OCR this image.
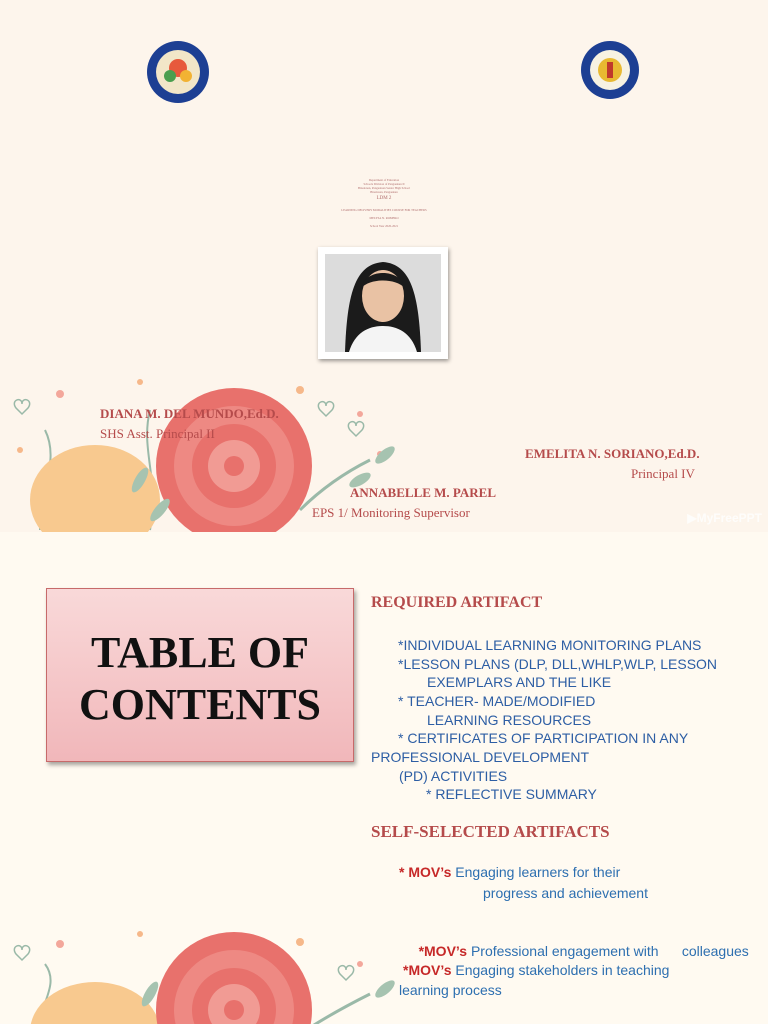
Department of Education
Schools Division of Pangasinan II
Binalonan, Pangasinan Senior High School
Binalonan, Pangasinan
LDM 2
LEARNING DELIVERY MODALITIES COURSE FOR TEACHERS
MELYSA N. ROMERO
School Year 2020-2021
DIANA M. DEL MUNDO,Ed.D.
SHS Asst. Principal II
EMELITA N. SORIANO,Ed.D.
Principal IV
ANNABELLE M. PAREL
EPS 1/ Monitoring Supervisor	▶MyFreePPT
TABLE OF
CONTENTS
REQUIRED ARTIFACT
*INDIVIDUAL LEARNING MONITORING PLANS
*LESSON PLANS (DLP, DLL,WHLP,WLP, LESSON
EXEMPLARS AND THE LIKE
* TEACHER- MADE/MODIFIED
LEARNING RESOURCES
* CERTIFICATES OF PARTICIPATION IN ANY
PROFESSIONAL DEVELOPMENT
(PD) ACTIVITIES
* REFLECTIVE SUMMARY
SELF-SELECTED ARTIFACTS
* MOV’s Engaging learners for their
progress and achievement

*MOV’s Professional engagement with      colleagues

*MOV’s Engaging stakeholders in teaching
learning process
